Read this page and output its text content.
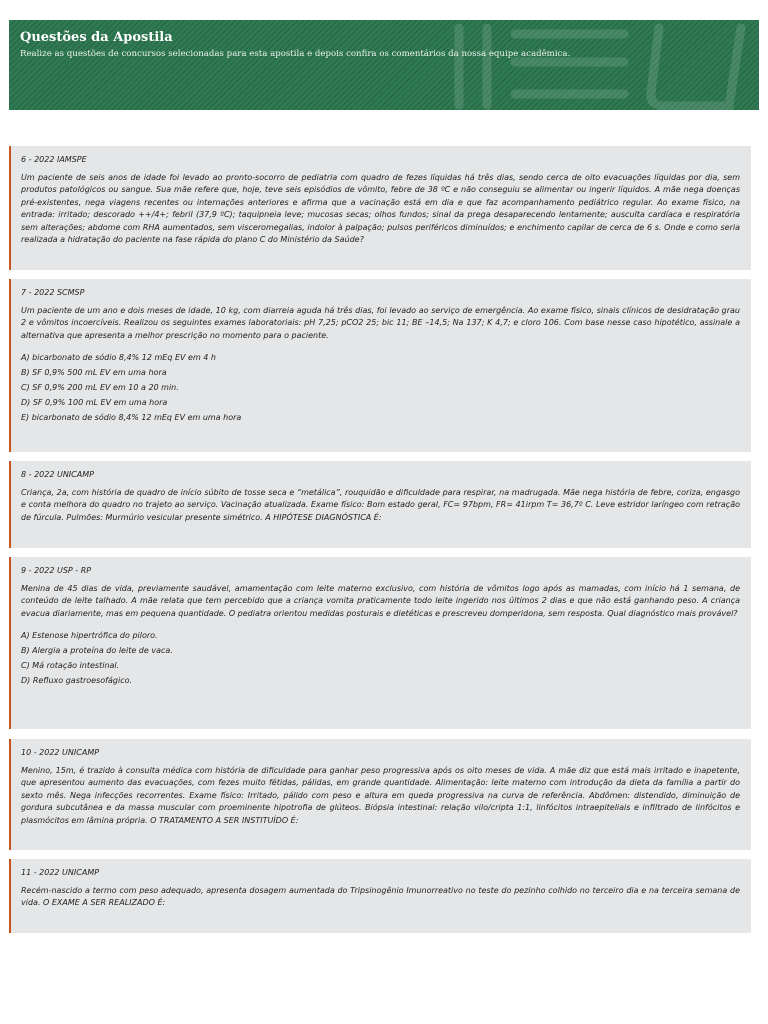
Questões da Apostila
Realize as questões de concursos selecionadas para esta apostila e depois confira os comentários da nossa equipe acadêmica.
6 - 2022 IAMSPE
Um paciente de seis anos de idade foi levado ao pronto-socorro de pediatria com quadro de fezes líquidas há três dias, sendo cerca de oito evacuações líquidas por dia, sem produtos patológicos ou sangue. Sua mãe refere que, hoje, teve seis episódios de vômito, febre de 38 ºC e não conseguiu se alimentar ou ingerir líquidos. A mãe nega doenças pré-existentes, nega viagens recentes ou internações anteriores e afirma que a vacinação está em dia e que faz acompanhamento pediátrico regular. Ao exame físico, na entrada: irritado; descorado ++/4+; febril (37,9 ºC); taquipneia leve; mucosas secas; olhos fundos; sinal da prega desaparecendo lentamente; ausculta cardíaca e respiratória sem alterações; abdome com RHA aumentados, sem visceromegalias, indolor à palpação; pulsos periféricos diminuídos; e enchimento capilar de cerca de 6 s. Onde e como seria realizada a hidratação do paciente na fase rápida do plano C do Ministério da Saúde?
7 - 2022 SCMSP
Um paciente de um ano e dois meses de idade, 10 kg, com diarreia aguda há três dias, foi levado ao serviço de emergência. Ao exame físico, sinais clínicos de desidratação grau 2 e vômitos incoercíveis. Realizou os seguintes exames laboratoriais: pH 7,25; pCO2 25; bic 11; BE –14,5; Na 137; K 4,7; e cloro 106. Com base nesse caso hipotético, assinale a alternativa que apresenta a melhor prescrição no momento para o paciente.
A) bicarbonato de sódio 8,4% 12 mEq EV em 4 h
B) SF 0,9% 500 mL EV em uma hora
C) SF 0,9% 200 mL EV em 10 a 20 min.
D) SF 0,9% 100 mL EV em uma hora
E) bicarbonato de sódio 8,4% 12 mEq EV em uma hora
8 - 2022 UNICAMP
Criança, 2a, com história de quadro de início súbito de tosse seca e “metálica”, rouquidão e dificuldade para respirar, na madrugada. Mãe nega história de febre, coriza, engasgo e conta melhora do quadro no trajeto ao serviço. Vacinação atualizada. Exame físico: Bom estado geral, FC= 97bpm, FR= 41irpm T= 36,7º C. Leve estridor laríngeo com retração de fúrcula. Pulmões: Murmúrio vesicular presente simétrico. A HIPÓTESE DIAGNÓSTICA É:
9 - 2022 USP - RP
Menina de 45 dias de vida, previamente saudável, amamentação com leite materno exclusivo, com história de vômitos logo após as mamadas, com início há 1 semana, de conteúdo de leite talhado. A mãe relata que tem percebido que a criança vomita praticamente todo leite ingerido nos últimos 2 dias e que não está ganhando peso. A criança evacua diariamente, mas em pequena quantidade. O pediatra orientou medidas posturais e dietéticas e prescreveu domperidona, sem resposta. Qual diagnóstico mais provável?
A) Estenose hipertrófica do piloro.
B) Alergia a proteína do leite de vaca.
C) Má rotação intestinal.
D) Refluxo gastroesofágico.
10 - 2022 UNICAMP
Menino, 15m, é trazido à consulta médica com história de dificuldade para ganhar peso progressiva após os oito meses de vida. A mãe diz que está mais irritado e inapetente, que apresentou aumento das evacuações, com fezes muito fétidas, pálidas, em grande quantidade. Alimentação: leite materno com introdução da dieta da família a partir do sexto mês. Nega infecções recorrentes. Exame físico: Irritado, pálido com peso e altura em queda progressiva na curva de referência. Abdômen: distendido, diminuição de gordura subcutânea e da massa muscular com proeminente hipotrofia de glúteos. Biópsia intestinal: relação vilo/cripta 1:1, linfócitos intraepiteliais e infiltrado de linfócitos e plasmócitos em lâmina própria. O TRATAMENTO A SER INSTITUÍDO É:
11 - 2022 UNICAMP
Recém-nascido a termo com peso adequado, apresenta dosagem aumentada do Tripsinogênio Imunorreativo no teste do pezinho colhido no terceiro dia e na terceira semana de vida. O EXAME A SER REALIZADO É:
